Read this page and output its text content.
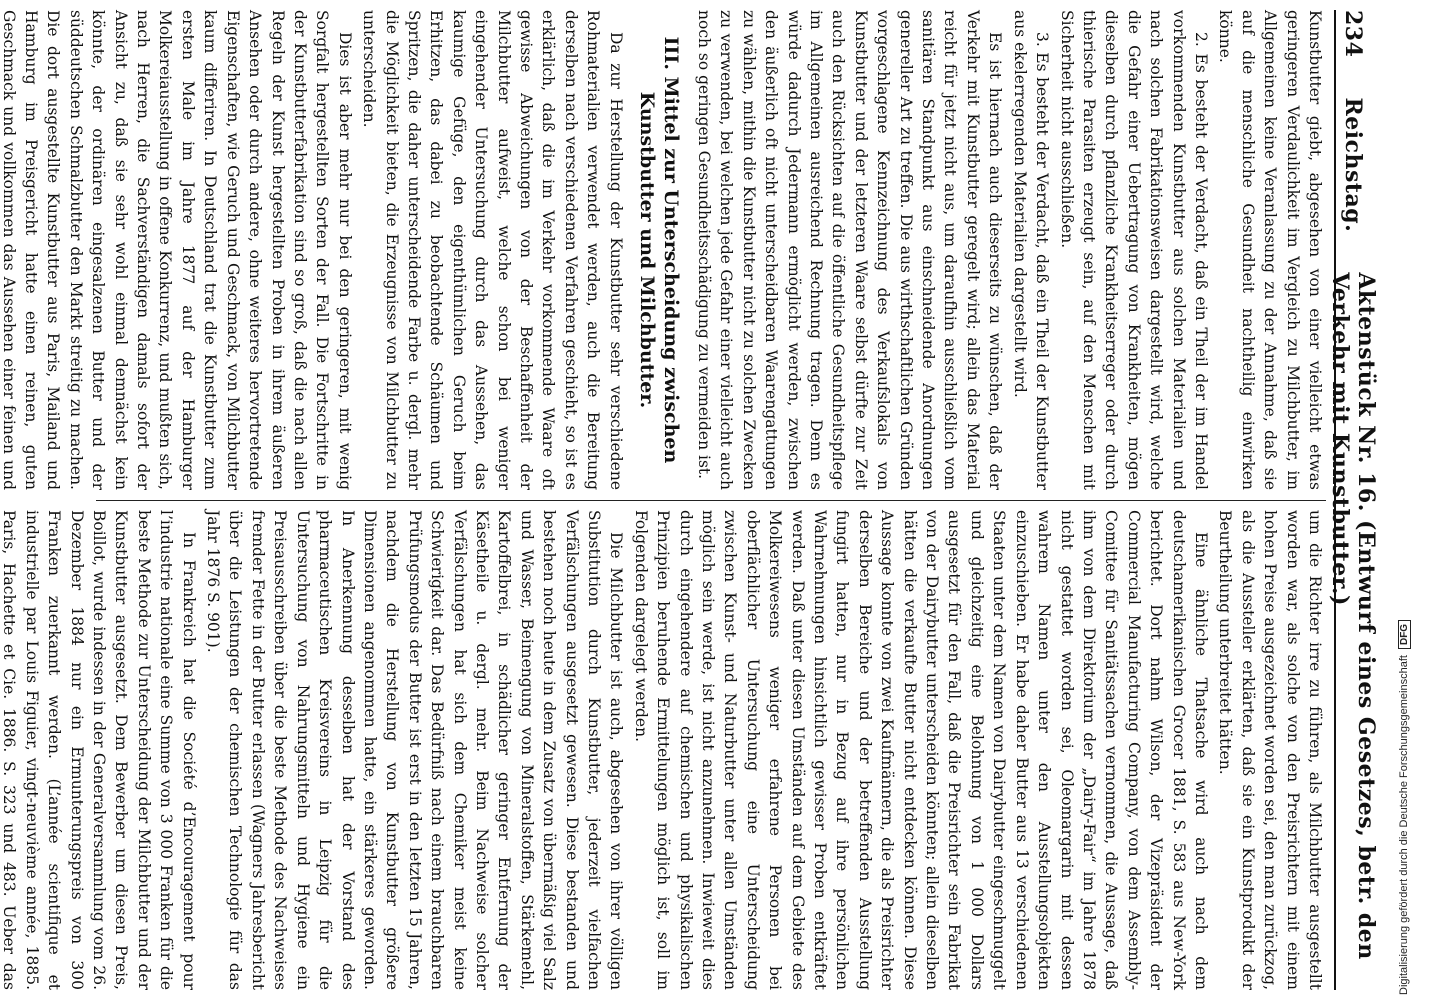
234
Reichstag.
Aktenstück Nr. 16. (Entwurf eines Gesetzes, betr. den Verkehr mit Kunstbutter.)

Kunstbutter giebt, abgesehen von einer vielleicht etwas geringeren Verdaulichkeit im Vergleich zu Milchbutter, im Allgemeinen keine Veranlassung zu der Annahme, daß sie auf die menschliche Gesundheit nachtheilig einwirken könne.

2. Es besteht der Verdacht, daß ein Theil der im Handel vorkommenden Kunstbutter aus solchen Materialien und nach solchen Fabrikationsweisen dargestellt wird, welche die Gefahr einer Uebertragung von Krankheiten, mögen dieselben durch pflanzliche Krankheitserreger oder durch thierische Parasiten erzeugt sein, auf den Menschen mit Sicherheit nicht ausschließen.

3. Es besteht der Verdacht, daß ein Theil der Kunstbutter aus ekelerregenden Materialien dargestellt wird.

Es ist hiernach auch dieserseits zu wünschen, daß der Verkehr mit Kunstbutter geregelt wird; allein das Material reicht für jetzt nicht aus, um daraufhin ausschließlich vom sanitären Standpunkt aus einschneidende Anordnungen genereller Art zu treffen. Die aus wirthschaftlichen Gründen vorgeschlagene Kennzeichnung des Verkaufslokals von Kunstbutter und der letzteren Waare selbst dürfte zur Zeit auch den Rücksichten auf die öffentliche Gesundheitspflege im Allgemeinen ausreichend Rechnung tragen. Denn es würde dadurch Jedermann ermöglicht werden, zwischen den äußerlich oft nicht unterscheidbaren Waarengattungen zu wählen, mithin die Kunstbutter nicht zu solchen Zwecken zu verwenden, bei welchen jede Gefahr einer vielleicht auch noch so geringen Gesundheitsschädigung zu vermeiden ist.

III. Mittel zur Unterscheidung zwischen Kunstbutter und Milchbutter.

Da zur Herstellung der Kunstbutter sehr verschiedene Rohmaterialien verwendet werden, auch die Bereitung derselben nach verschiedenen Verfahren geschieht, so ist es erklärlich, daß die im Verkehr vorkommende Waare oft gewisse Abweichungen von der Beschaffenheit der Milchbutter aufweist, welche schon bei weniger eingehender Untersuchung durch das Aussehen, das kaumige Gefüge, den eigenthümlichen Geruch beim Erhitzen, das dabei zu beobachtende Schäumen und Spritzen, die daher unterscheidende Farbe u. dergl. mehr die Möglichkeit bieten, die Erzeugnisse von Milchbutter zu unterscheiden.

Dies ist aber mehr nur bei den geringeren, mit wenig Sorgfalt hergestellten Sorten der Fall. Die Fortschritte in der Kunstbutterfabrikation sind so groß, daß die nach allen Regeln der Kunst hergestellten Proben in ihrem äußeren Ansehen oder durch andere, ohne weiteres hervortretende Eigenschaften, wie Geruch und Geschmack, von Milchbutter kaum differiren. In Deutschland trat die Kunstbutter zum ersten Male im Jahre 1877 auf der Hamburger Molkereiausstellung in offene Konkurrenz, und mußten sich, nach Herren, die Sachverständigen damals sofort der Ansicht zu, daß sie sehr wohl einmal demnächst kein könnte, der ordinären eingesalzenen Butter und der süddeutschen Schmalzbutter den Markt streitig zu machen. Die dort ausgestellte Kunstbutter aus Paris, Mailand und Hamburg im Preisgericht hatte einen reinen, guten Geschmack und vollkommen das Aussehen einer feinen und

um die Richter irre zu führen, als Milchbutter ausgestellt worden war, als solche von den Preisrichtern mit einem hohen Preise ausgezeichnet worden sei, den man zurückzog, als die Aussteller erklärten, daß sie ein Kunstprodukt der Beurtheilung unterbreitet hätten.

Eine ähnliche Thatsache wird auch nach dem deutschamerikanischen Grocer 1881, S. 583 aus New-York berichtet. Dort nahm Wilson, der Vizepräsident der Commercial Manufacturing Company, von dem Assembly-Comittee für Sanitätssachen vernommen, die Aussage, daß ihm von dem Direktorium der „Dairy-Fair“ im Jahre 1878 nicht gestattet worden sei, Oleomargarin mit dessen wahrem Namen unter den Ausstellungsobjekten einzuschieben. Er habe daher Butter aus 13 verschiedenen Staaten unter dem Namen von Dairybutter eingeschmuggelt und gleichzeitig eine Belohnung von 1 000 Dollars ausgesetzt für den Fall, daß die Preisrichter sein Fabrikat von der Dairybutter unterscheiden könnten; allein dieselben hätten die verkaufte Butter nicht entdecken können. Diese Aussage konnte von zwei Kaufmännern, die als Preisrichter derselben Bereiche und der betreffenden Ausstellung fungirt hatten, nur in Bezug auf ihre persönlichen Wahrnehmungen hinsichtlich gewisser Proben entkräftet werden. Daß unter diesen Umständen auf dem Gebiete des Molkereiwesens weniger erfahrene Personen bei oberflächlicher Untersuchung eine Unterscheidung zwischen Kunst- und Naturbutter unter allen Umständen möglich sein werde, ist nicht anzunehmen. Inwieweit dies durch eingehendere auf chemischen und physikalischen Prinzipien beruhende Ermittelungen möglich ist, soll im Folgenden dargelegt werden.

Die Milchbutter ist auch, abgesehen von ihrer völligen Substitution durch Kunstbutter, jederzeit vielfachen Verfälschungen ausgesetzt gewesen. Diese bestanden und bestehen noch heute in dem Zusatz von übermäßig viel Salz und Wasser, Beimengung von Mineralstoffen, Stärkemehl, Kartoffelbrei, in schädlicher geringer Entfernung der Käsetheile u. dergl. mehr. Beim Nachweise solcher Verfälschungen hat sich dem Chemiker meist keine Schwierigkeit dar. Das Bedürfniß nach einem brauchbaren Prüfungsmodus der Butter ist erst in den letzten 15 Jahren, nachdem die Herstellung von Kunstbutter größere Dimensionen angenommen hatte, ein stärkeres geworden. In Anerkennung desselben hat der Vorstand des pharmaceutischen Kreisvereins in Leipzig für die Untersuchung von Nahrungsmitteln und Hygiene ein Preisausschreiben über die beste Methode des Nachweises fremder Fette in der Butter erlassen (Wagners Jahresbericht über die Leistungen der chemischen Technologie für das Jahr 1876 S. 901).

In Frankreich hat die Société d’Encouragement pour l’industrie nationale eine Summe von 3 000 Franken für die beste Methode zur Unterscheidung der Milchbutter und der Kunstbutter ausgesetzt. Dem Bewerber um diesen Preis, Boillot, wurde indessen in der Generalversammlung vom 26. Dezember 1884 nur ein Ermunterungspreis von 300 Franken zuerkannt werden. (L’année scientifique et industrielle par Louis Figuier, vingt-neuvième année, 1885. Paris, Hachette et Cie. 1886. S. 323 und 483. Ueber das	Digitalisierung gefördert durch die Deutsche Forschungsgemeinschaft
DFG
